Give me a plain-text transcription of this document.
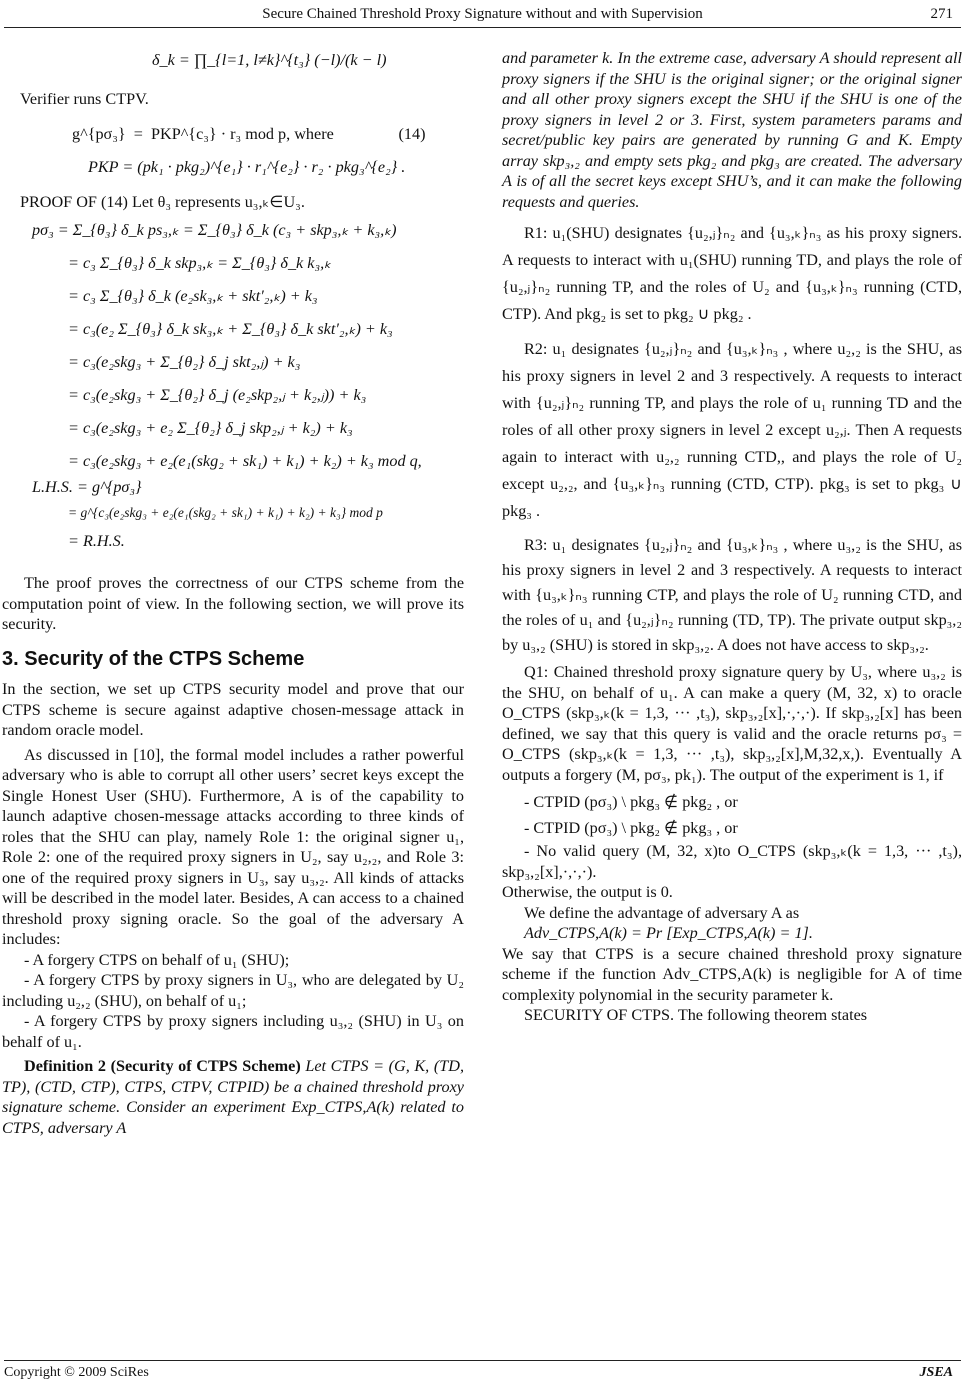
Secure Chained Threshold Proxy Signature without and with Supervision	271
δ_k = ∏_{l=1, l≠k}^{t₃} (−l)/(k − l)

Verifier runs CTPV.

g^{pσ₃}  =  PKP^{c₃} · r₃ mod p, where                (14)
PKP = (pk₁ · pkg₂)^{e₁} · r₁^{e₂} · r₂ · pkg₃^{e₂} .

PROOF OF (14) Let θ₃ represents u₃,ₖ∈U₃.

pσ₃ = Σ_{θ₃} δ_k ps₃,ₖ = Σ_{θ₃} δ_k (c₃ + skp₃,ₖ + k₃,ₖ)
= c₃ Σ_{θ₃} δ_k skp₃,ₖ = Σ_{θ₃} δ_k k₃,ₖ
= c₃ Σ_{θ₃} δ_k (e₂sk₃,ₖ + skt′₂,ₖ) + k₃
= c₃(e₂ Σ_{θ₃} δ_k sk₃,ₖ + Σ_{θ₃} δ_k skt′₂,ₖ) + k₃
= c₃(e₂skg₃ + Σ_{θ₂} δ_j skt₂,ⱼ) + k₃
= c₃(e₂skg₃ + Σ_{θ₂} δ_j (e₂skp₂,ⱼ + k₂,ⱼ)) + k₃
= c₃(e₂skg₃ + e₂ Σ_{θ₂} δ_j skp₂,ⱼ + k₂) + k₃
= c₃(e₂skg₃ + e₂(e₁(skg₂ + sk₁) + k₁) + k₂) + k₃ mod q,
L.H.S. = g^{pσ₃}
= g^{c₃(e₂skg₃ + e₂(e₁(skg₂ + sk₁) + k₁) + k₂) + k₃} mod p
= R.H.S.

The proof proves the correctness of our CTPS scheme from the computation point of view. In the following section, we will prove its security.

3. Security of the CTPS Scheme

In the section, we set up CTPS security model and prove that our CTPS scheme is secure against adaptive chosen-message attack in random oracle model.

As discussed in [10], the formal model includes a rather powerful adversary who is able to corrupt all other users’ secret keys except the Single Honest User (SHU). Furthermore, A is of the capability to launch adaptive chosen-message attacks according to three kinds of roles that the SHU can play, namely Role 1: the original signer u₁, Role 2: one of the required proxy signers in U₂, say u₂,₂, and Role 3: one of the required proxy signers in U₃, say u₃,₂. All kinds of attacks will be described in the model later. Besides, A can access to a chained threshold proxy signing oracle. So the goal of the adversary A includes:

- A forgery CTPS on behalf of u₁ (SHU);

- A forgery CTPS by proxy signers in U₃, who are delegated by U₂ including u₂,₂ (SHU), on behalf of u₁;

- A forgery CTPS by proxy signers including u₃,₂ (SHU) in U₃ on behalf of u₁.

Definition 2 (Security of CTPS Scheme) Let CTPS = (G, K, (TD, TP), (CTD, CTP), CTPS, CTPV, CTPID) be a chained threshold proxy signature scheme. Consider an experiment Exp_CTPS,A(k) related to CTPS, adversary A

and parameter k. In the extreme case, adversary A should represent all proxy signers if the SHU is the original signer; or the original signer and all other proxy signers except the SHU if the SHU is one of the proxy signers in level 2 or 3. First, system parameters params and secret/public key pairs are generated by running G and K. Empty array skp₃,₂ and empty sets pkg₂ and pkg₃ are created. The adversary A is of all the secret keys except SHU’s, and it can make the following requests and queries.

R1: u₁(SHU) designates {u₂,ⱼ}ₙ₂ and {u₃,ₖ}ₙ₃ as his proxy signers. A requests to interact with u₁(SHU) running TD, and plays the role of {u₂,ⱼ}ₙ₂ running TP, and the roles of U₂ and {u₃,ₖ}ₙ₃ running (CTD, CTP). And pkg₂ is set to pkg₂ ∪ pkg₂ .

R2: u₁ designates {u₂,ⱼ}ₙ₂ and {u₃,ₖ}ₙ₃ , where u₂,₂ is the SHU, as his proxy signers in level 2 and 3 respectively. A requests to interact with {u₂,ⱼ}ₙ₂ running TP, and plays the role of u₁ running TD and the roles of all other proxy signers in level 2 except u₂,ⱼ. Then A requests again to interact with u₂,₂ running CTD,, and plays the role of U₂ except u₂,₂, and {u₃,ₖ}ₙ₃ running (CTD, CTP). pkg₃ is set to pkg₃ ∪ pkg₃ .

R3: u₁ designates {u₂,ⱼ}ₙ₂ and {u₃,ₖ}ₙ₃ , where u₃,₂ is the SHU, as his proxy signers in level 2 and 3 respectively. A requests to interact with {u₃,ₖ}ₙ₃ running CTP, and plays the role of U₂ running CTD, and the roles of u₁ and {u₂,ⱼ}ₙ₂ running (TD, TP). The private output skp₃,₂ by u₃,₂ (SHU) is stored in skp₃,₂. A does not have access to skp₃,₂.

Q1: Chained threshold proxy signature query by U₃, where u₃,₂ is the SHU, on behalf of u₁. A can make a query (M, 32, x) to oracle O_CTPS (skp₃,ₖ(k = 1,3, ··· ,t₃), skp₃,₂[x],·,·,·). If skp₃,₂[x] has been defined, we say that this query is valid and the oracle returns pσ₃ = O_CTPS (skp₃,ₖ(k = 1,3, ··· ,t₃), skp₃,₂[x],M,32,x,). Eventually A outputs a forgery (M, pσ₃, pk₁). The output of the experiment is 1, if

- CTPID (pσ₃) \ pkg₃ ∉ pkg₂ , or

- CTPID (pσ₃) \ pkg₂ ∉ pkg₃ , or

- No valid query (M, 32, x)to O_CTPS (skp₃,ₖ(k = 1,3, ··· ,t₃), skp₃,₂[x],·,·,·).

Otherwise, the output is 0.

We define the advantage of adversary A as

Adv_CTPS,A(k) = Pr [Exp_CTPS,A(k) = 1].

We say that CTPS is a secure chained threshold proxy signature scheme if the function Adv_CTPS,A(k) is negligible for A of time complexity polynomial in the security parameter k.

SECURITY OF CTPS. The following theorem states

Copyright © 2009 SciRes	JSEA
